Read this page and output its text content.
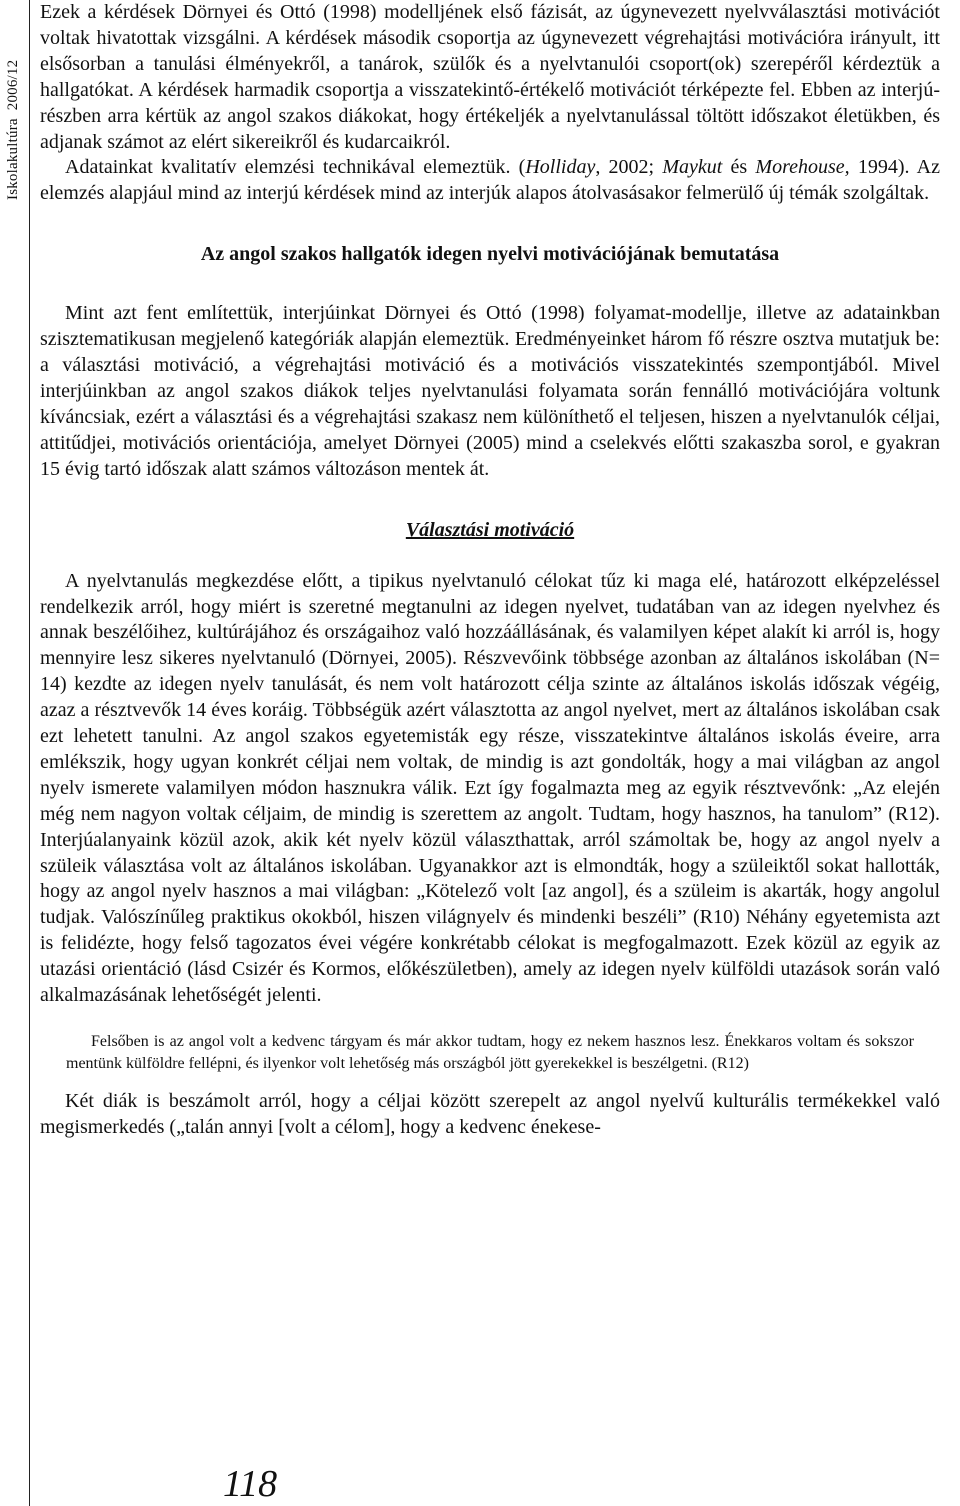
Iskolakultúra2006/12

Ezek a kérdések Dörnyei és Ottó (1998) modelljének első fázisát, az úgynevezett nyelvválasztási motivációt voltak hivatottak vizsgálni. A kérdések második csoportja az úgynevezett végrehajtási motivációra irányult, itt elsősorban a tanulási élményekről, a tanárok, szülők és a nyelvtanulói csoport(ok) szerepéről kérdeztük a hallgatókat. A kérdések harmadik csoportja a visszatekintő-értékelő motivációt térképezte fel. Ebben az interjúrészben arra kértük az angol szakos diákokat, hogy értékeljék a nyelvtanulással töltött időszakot életükben, és adjanak számot az elért sikereikről és kudarcaikról.

Adatainkat kvalitatív elemzési technikával elemeztük. (Holliday, 2002; Maykut és Morehouse, 1994). Az elemzés alapjául mind az interjú kérdések mind az interjúk alapos átolvasásakor felmerülő új témák szolgáltak.

Az angol szakos hallgatók idegen nyelvi motivációjának bemutatása

Mint azt fent említettük, interjúinkat Dörnyei és Ottó (1998) folyamat-modellje, illetve az adatainkban szisztematikusan megjelenő kategóriák alapján elemeztük. Eredményeinket három fő részre osztva mutatjuk be: a választási motiváció, a végrehajtási motiváció és a motivációs visszatekintés szempontjából. Mivel interjúinkban az angol szakos diákok teljes nyelvtanulási folyamata során fennálló motivációjára voltunk kíváncsiak, ezért a választási és a végrehajtási szakasz nem különíthető el teljesen, hiszen a nyelvtanulók céljai, attitűdjei, motivációs orientációja, amelyet Dörnyei (2005) mind a cselekvés előtti szakaszba sorol, e gyakran 15 évig tartó időszak alatt számos változáson mentek át.

Választási motiváció

A nyelvtanulás megkezdése előtt, a tipikus nyelvtanuló célokat tűz ki maga elé, határozott elképzeléssel rendelkezik arról, hogy miért is szeretné megtanulni az idegen nyelvet, tudatában van az idegen nyelvhez és annak beszélőihez, kultúrájához és országaihoz való hozzáállásának, és valamilyen képet alakít ki arról is, hogy mennyire lesz sikeres nyelvtanuló (Dörnyei, 2005). Részvevőink többsége azonban az általános iskolában (N= 14) kezdte az idegen nyelv tanulását, és nem volt határozott célja szinte az általános iskolás időszak végéig, azaz a résztvevők 14 éves koráig. Többségük azért választotta az angol nyelvet, mert az általános iskolában csak ezt lehetett tanulni. Az angol szakos egyetemisták egy része, visszatekintve általános iskolás éveire, arra emlékszik, hogy ugyan konkrét céljai nem voltak, de mindig is azt gondolták, hogy a mai világban az angol nyelv ismerete valamilyen módon hasznukra válik. Ezt így fogalmazta meg az egyik résztvevőnk: „Az elején még nem nagyon voltak céljaim, de mindig is szerettem az angolt. Tudtam, hogy hasznos, ha tanulom” (R12). Interjúalanyaink közül azok, akik két nyelv közül választhattak, arról számoltak be, hogy az angol nyelv a szüleik választása volt az általános iskolában. Ugyanakkor azt is elmondták, hogy a szüleiktől sokat hallották, hogy az angol nyelv hasznos a mai világban: „Kötelező volt [az angol], és a szüleim is akarták, hogy angolul tudjak. Valószínűleg praktikus okokból, hiszen világnyelv és mindenki beszéli” (R10) Néhány egyetemista azt is felidézte, hogy felső tagozatos évei végére konkrétabb célokat is megfogalmazott. Ezek közül az egyik az utazási orientáció (lásd Csizér és Kormos, előkészületben), amely az idegen nyelv külföldi utazások során való alkalmazásának lehetőségét jelenti.

Felsőben is az angol volt a kedvenc tárgyam és már akkor tudtam, hogy ez nekem hasznos lesz. Énekkaros voltam és sokszor mentünk külföldre fellépni, és ilyenkor volt lehetőség más országból jött gyerekekkel is beszélgetni. (R12)

Két diák is beszámolt arról, hogy a céljai között szerepelt az angol nyelvű kulturális termékekkel való megismerkedés („talán annyi [volt a célom], hogy a kedvenc énekese-

118
